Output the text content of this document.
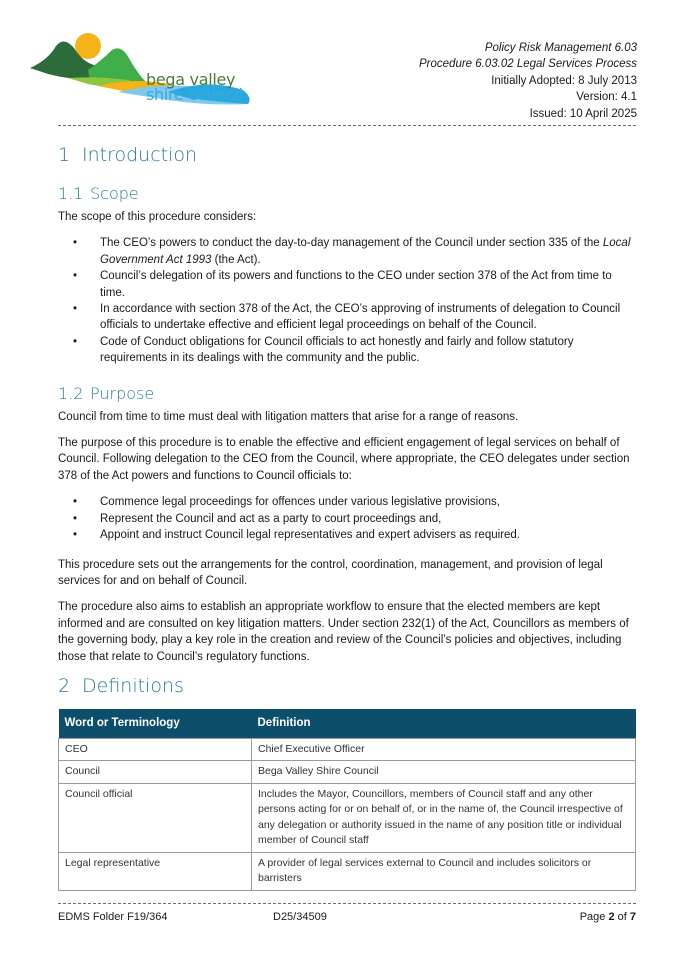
bega valley
shire council
Policy Risk Management 6.03
Procedure 6.03.02 Legal Services Process
Initially Adopted: 8 July 2013
Version: 4.1
Issued: 10 April 2025
1 Introduction
1.1 Scope

The scope of this procedure considers:

• The CEO’s powers to conduct the day-to-day management of the Council under section 335 of the Local Government Act 1993 (the Act).
• Council’s delegation of its powers and functions to the CEO under section 378 of the Act from time to time.
• In accordance with section 378 of the Act, the CEO’s approving of instruments of delegation to Council officials to undertake effective and efficient legal proceedings on behalf of the Council.
• Code of Conduct obligations for Council officials to act honestly and fairly and follow statutory requirements in its dealings with the community and the public.
1.2 Purpose

Council from time to time must deal with litigation matters that arise for a range of reasons.

The purpose of this procedure is to enable the effective and efficient engagement of legal services on behalf of Council. Following delegation to the CEO from the Council, where appropriate, the CEO delegates under section 378 of the Act powers and functions to Council officials to:

• Commence legal proceedings for offences under various legislative provisions,
• Represent the Council and act as a party to court proceedings and,
• Appoint and instruct Council legal representatives and expert advisers as required.

This procedure sets out the arrangements for the control, coordination, management, and provision of legal services for and on behalf of Council.

The procedure also aims to establish an appropriate workflow to ensure that the elected members are kept informed and are consulted on key litigation matters. Under section 232(1) of the Act, Councillors as members of the governing body, play a key role in the creation and review of the Council’s policies and objectives, including those that relate to Council’s regulatory functions.

2 Definitions
Word or Terminology	Definition
CEO	Chief Executive Officer
Council	Bega Valley Shire Council
Council official	Includes the Mayor, Councillors, members of Council staff and any other persons acting for or on behalf of, or in the name of, the Council irrespective of any delegation or authority issued in the name of any position title or individual member of Council staff
Legal representative	A provider of legal services external to Council and includes solicitors or barristers
EDMS Folder F19/364	D25/34509	Page 2 of 7
